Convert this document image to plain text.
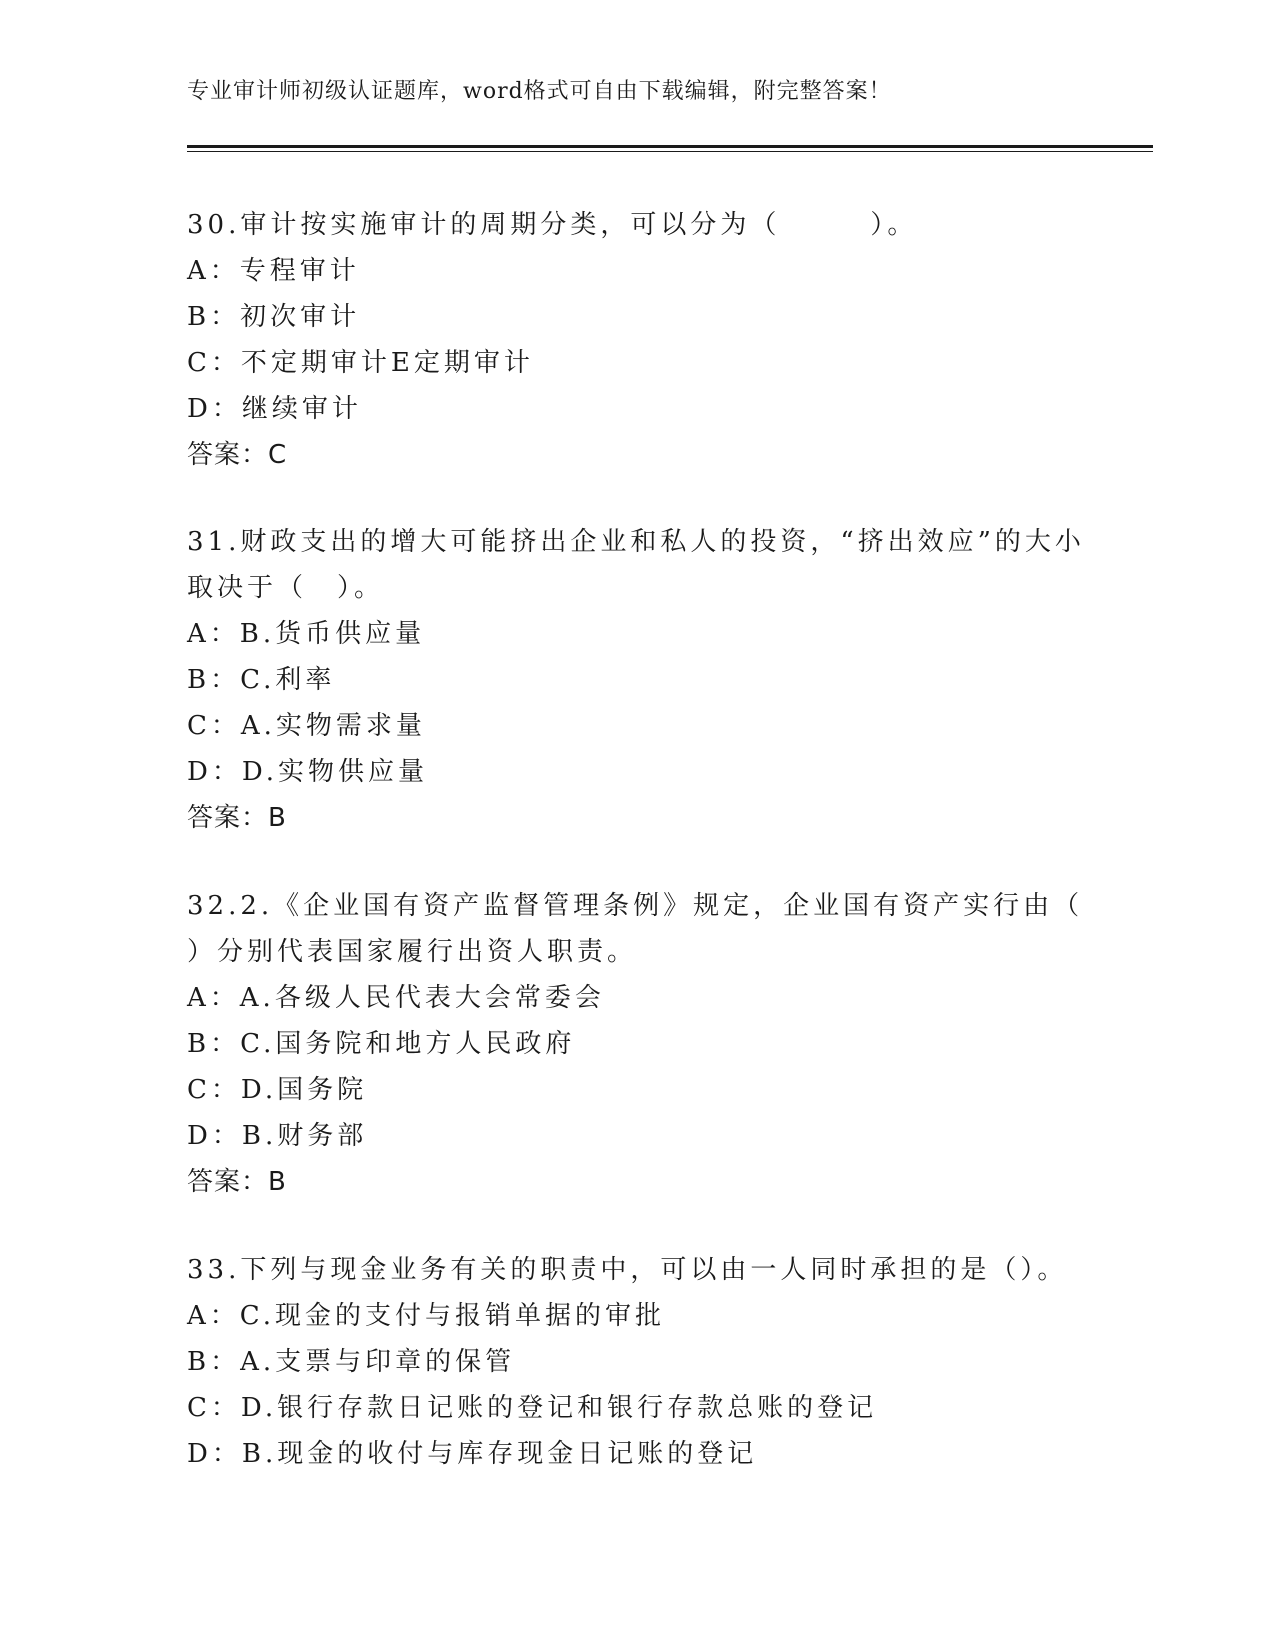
专业审计师初级认证题库，word格式可自由下载编辑，附完整答案！
30.审计按实施审计的周期分类，可以分为（　　　）。
A：专程审计
B：初次审计
C：不定期审计E定期审计
D：继续审计
答案：C
31.财政支出的增大可能挤出企业和私人的投资，“挤出效应”的大小
取决于（　）。
A：B.货币供应量
B：C.利率
C：A.实物需求量
D：D.实物供应量
答案：B
32.2.《企业国有资产监督管理条例》规定，企业国有资产实行由（
）分别代表国家履行出资人职责。
A：A.各级人民代表大会常委会
B：C.国务院和地方人民政府
C：D.国务院
D：B.财务部
答案：B
33.下列与现金业务有关的职责中，可以由一人同时承担的是（）。
A：C.现金的支付与报销单据的审批
B：A.支票与印章的保管
C：D.银行存款日记账的登记和银行存款总账的登记
D：B.现金的收付与库存现金日记账的登记
